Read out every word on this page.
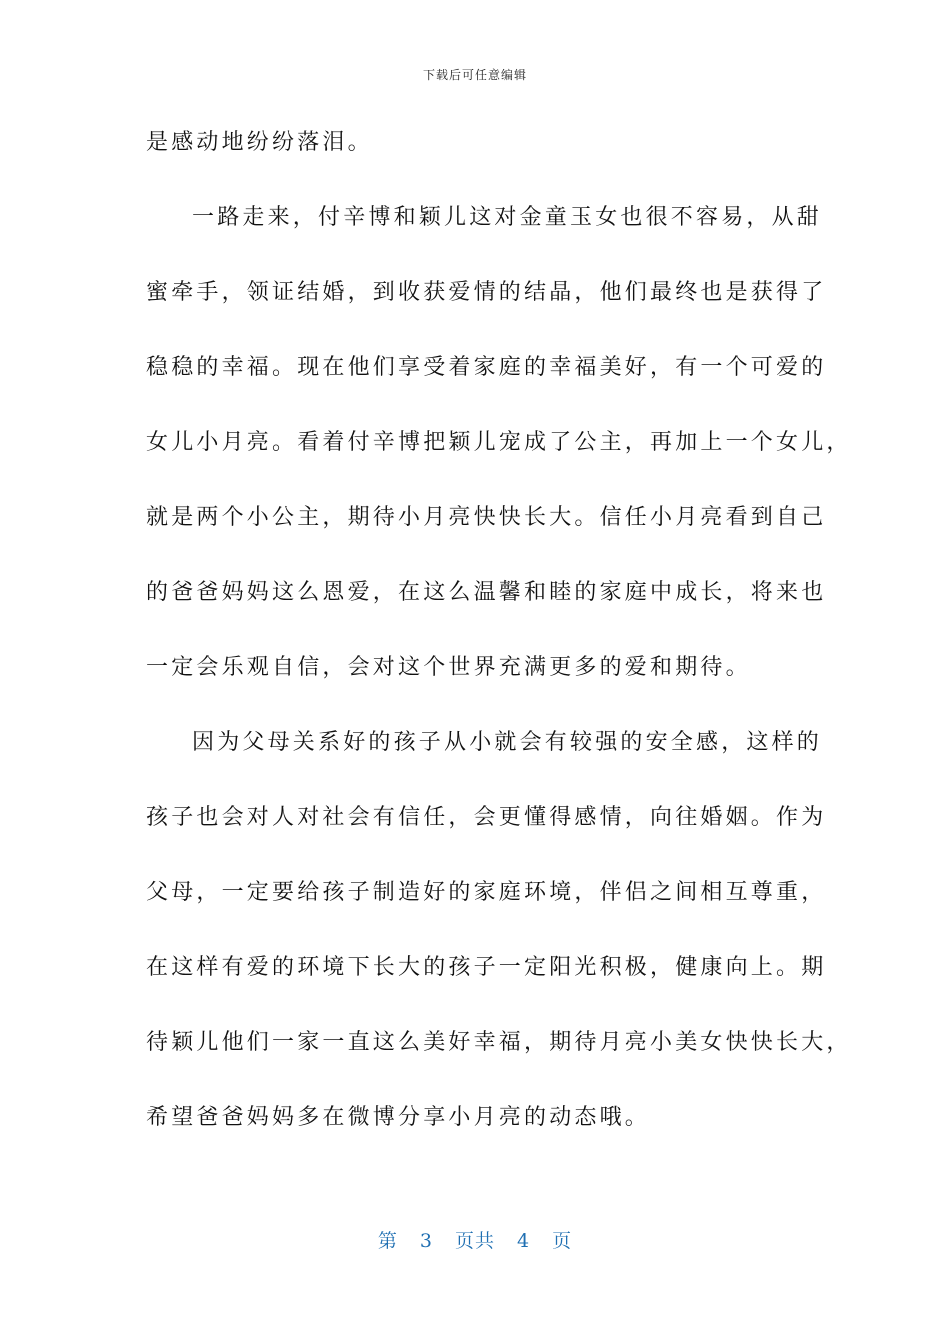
下载后可任意编辑
是感动地纷纷落泪。
一路走来，付辛博和颖儿这对金童玉女也很不容易，从甜
蜜牵手，领证结婚，到收获爱情的结晶，他们最终也是获得了
稳稳的幸福。现在他们享受着家庭的幸福美好，有一个可爱的
女儿小月亮。看着付辛博把颖儿宠成了公主，再加上一个女儿，
就是两个小公主，期待小月亮快快长大。信任小月亮看到自己
的爸爸妈妈这么恩爱，在这么温馨和睦的家庭中成长，将来也
一定会乐观自信，会对这个世界充满更多的爱和期待。
因为父母关系好的孩子从小就会有较强的安全感，这样的
孩子也会对人对社会有信任，会更懂得感情，向往婚姻。作为
父母，一定要给孩子制造好的家庭环境，伴侣之间相互尊重，
在这样有爱的环境下长大的孩子一定阳光积极，健康向上。期
待颖儿他们一家一直这么美好幸福，期待月亮小美女快快长大，
希望爸爸妈妈多在微博分享小月亮的动态哦。
第 3 页共 4 页
